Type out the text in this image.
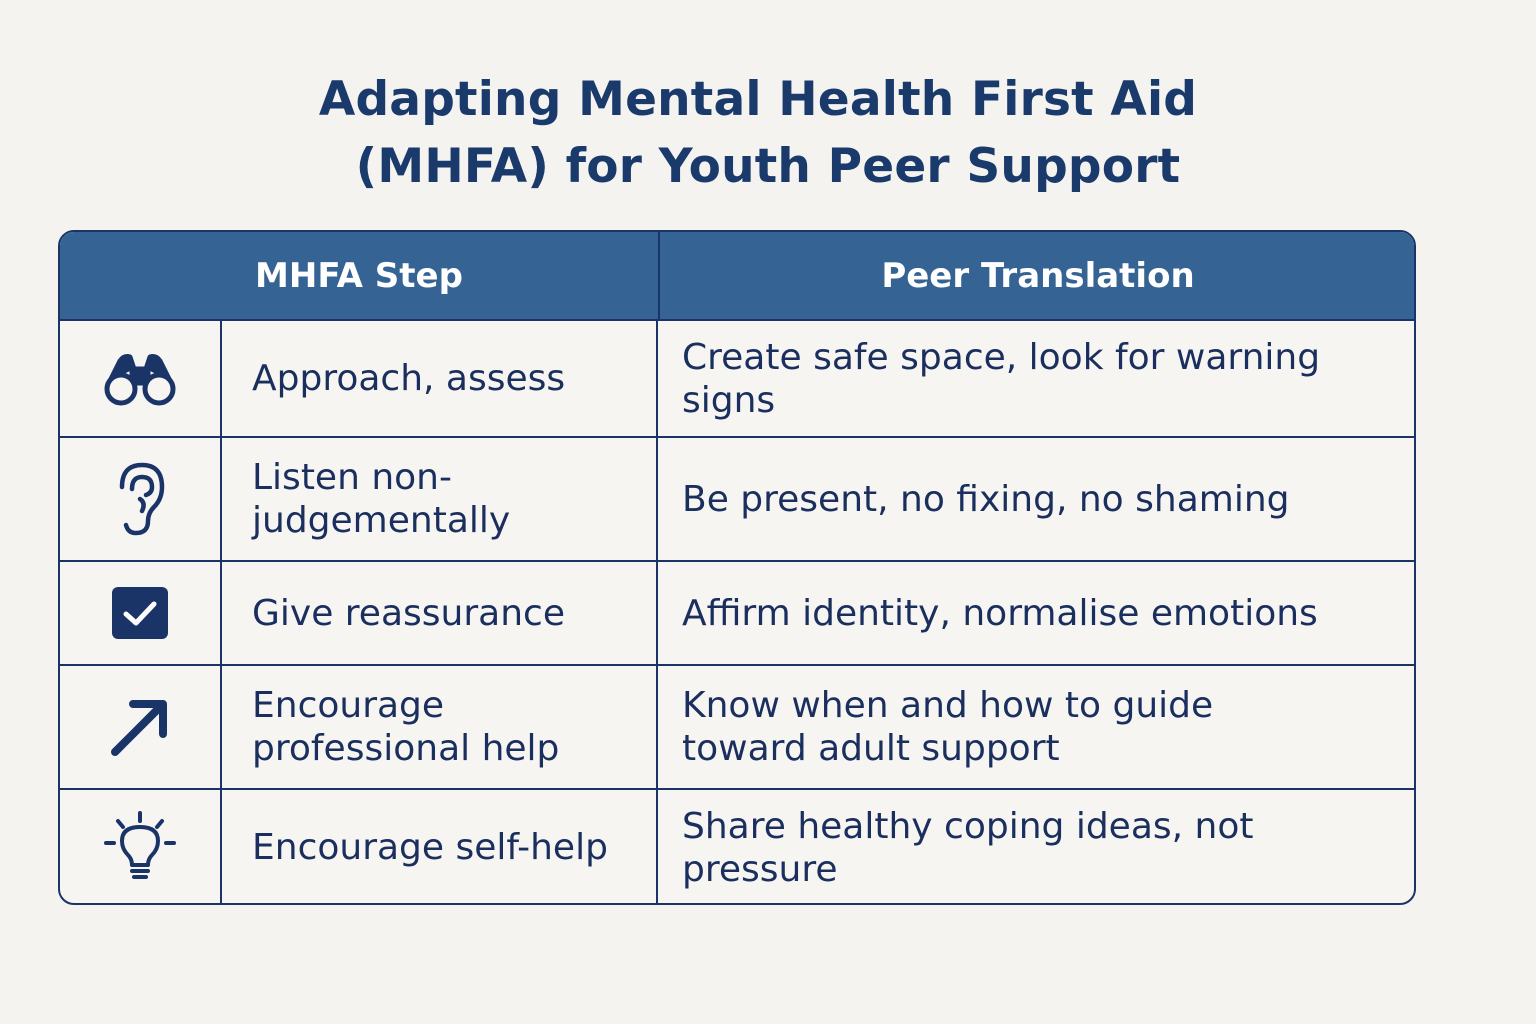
Adapting Mental Health First Aid
(MHFA) for Youth Peer Support
MHFA Step	Peer Translation
Approach, assess
Create safe space, look for warning signs
Listen non-
judgementally
Be present, no fixing, no shaming
Give reassurance	Affirm identity, normalise emotions
Encourage
professional help
Know when and how to guide
toward adult support
Encourage self-help
Share healthy coping ideas, not pressure
